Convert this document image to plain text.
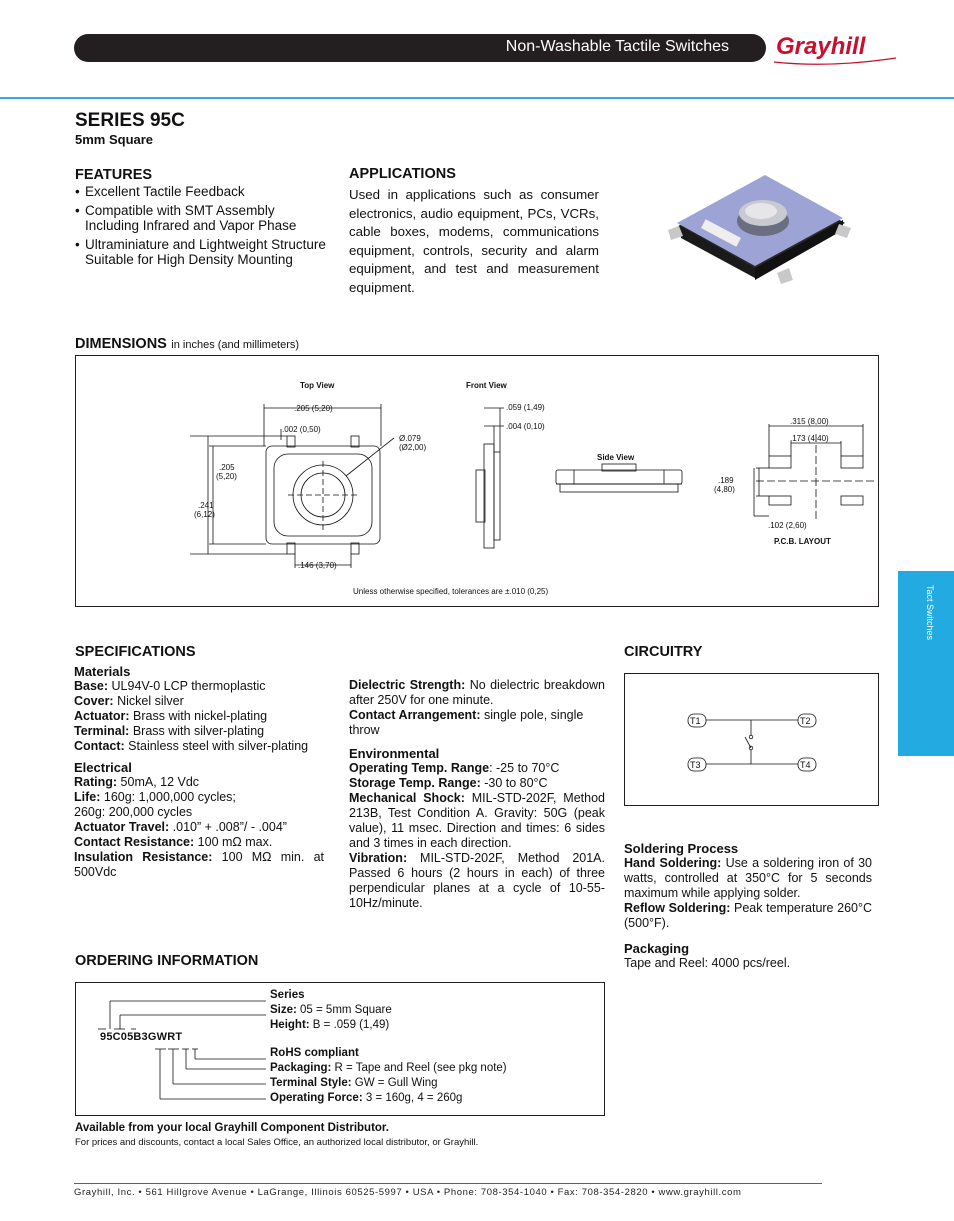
Non-Washable Tactile Switches Grayhill
SERIES 95C
5mm Square
FEATURES
• Excellent Tactile Feedback
• Compatible with SMT Assembly Including Infrared and Vapor Phase
• Ultraminiature and Lightweight Structure Suitable for High Density Mounting
APPLICATIONS
Used in applications such as consumer electronics, audio equipment, PCs, VCRs, cable boxes, modems, communications equipment, controls, security and alarm equipment, and test and measurement equipment.
DIMENSIONS in inches (and millimeters)
Top View	Front View
Side View
P.C.B. LAYOUT
.205 (5,20)
.002 (0,50)
Ø.079
(Ø2,00)
.205
(5,20)
.241
(6,12)
.146 (3,70)
.059 (1,49)
.004 (0,10)
.315 (8,00)
.173 (4,40)
.189
(4,80)
.102 (2,60)
Unless otherwise specified, tolerances are ±.010 (0,25)	Tact Switches
SPECIFICATIONS
Materials
Base: UL94V-0 LCP thermoplastic
Cover: Nickel silver
Actuator: Brass with nickel-plating
Terminal: Brass with silver-plating
Contact: Stainless steel with silver-plating
Electrical
Rating: 50mA, 12 Vdc
Life: 160g: 1,000,000 cycles;
260g: 200,000 cycles
Actuator Travel: .010” + .008”/ - .004”
Contact Resistance: 100 mΩ max.
Insulation Resistance: 100 MΩ min. at 500Vdc
Dielectric Strength: No dielectric breakdown after 250V for one minute.
Contact Arrangement: single pole, single throw
Environmental
Operating Temp. Range: -25 to 70°C
Storage Temp. Range: -30 to 80°C
Mechanical Shock: MIL-STD-202F, Method 213B, Test Condition A. Gravity: 50G (peak value), 11 msec. Direction and times: 6 sides and 3 times in each direction.
Vibration: MIL-STD-202F, Method 201A. Passed 6 hours (2 hours in each) of three perpendicular planes at a cycle of 10-55-10Hz/minute.
CIRCUITRY
T1	T2
T3	T4
Soldering Process
Hand Soldering: Use a soldering iron of 30 watts, controlled at 350°C for 5 seconds maximum while applying solder.
Reflow Soldering: Peak temperature 260°C (500°F).
Packaging
Tape and Reel: 4000 pcs/reel.
ORDERING INFORMATION
95C05B3GWRT
Series
Size: 05 = 5mm Square
Height: B = .059 (1,49)
RoHS compliant
Packaging: R = Tape and Reel (see pkg note)
Terminal Style: GW = Gull Wing
Operating Force: 3 = 160g, 4 = 260g
Available from your local Grayhill Component Distributor.
For prices and discounts, contact a local Sales Office, an authorized local distributor, or Grayhill.
Grayhill, Inc. • 561 Hillgrove Avenue • LaGrange, Illinois 60525-5997 • USA • Phone: 708-354-1040 • Fax: 708-354-2820 • www.grayhill.com
